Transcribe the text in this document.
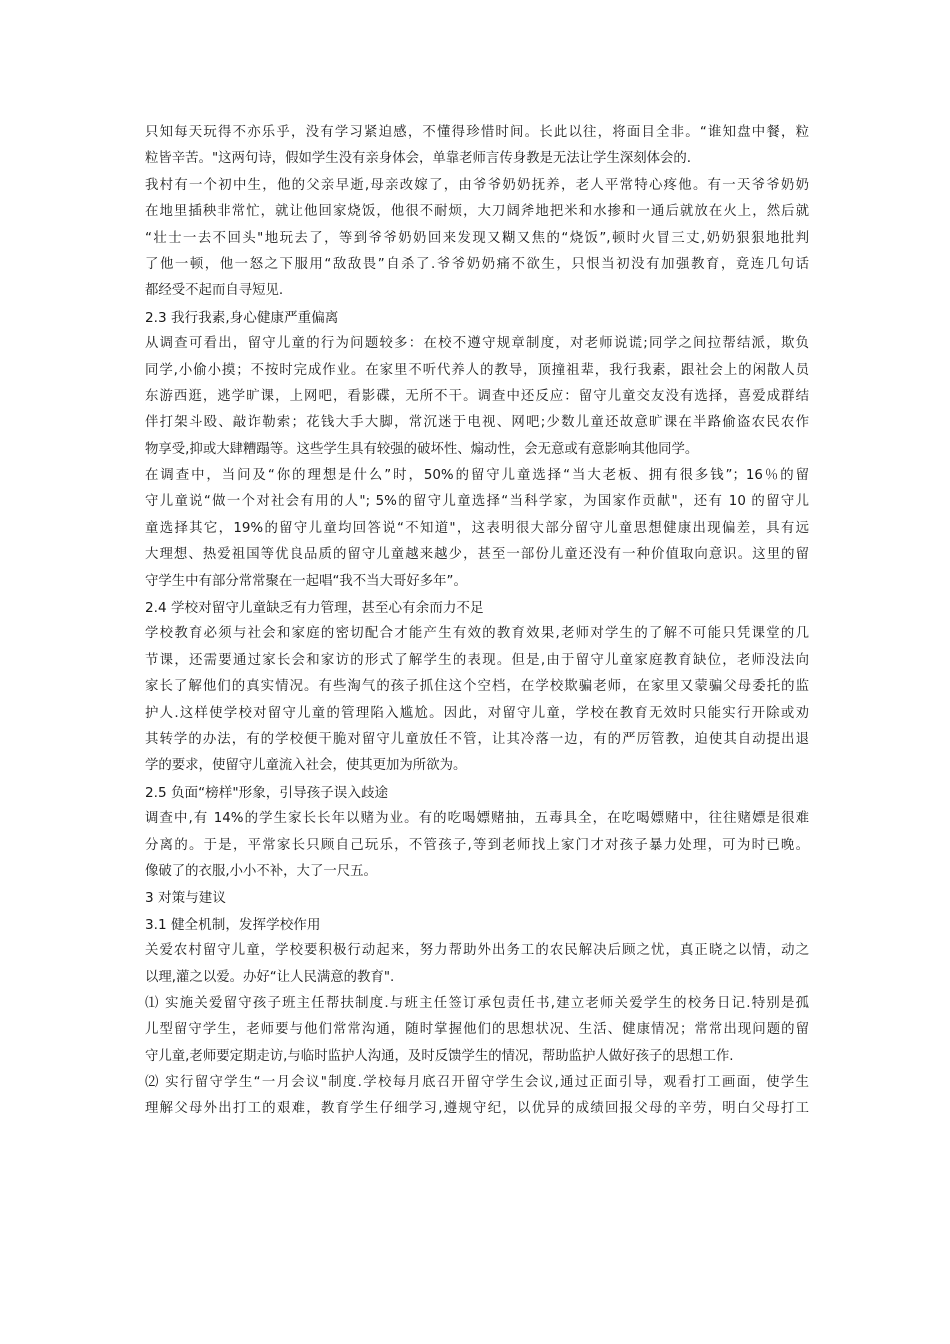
只知每天玩得不亦乐乎，没有学习紧迫感，不懂得珍惜时间。长此以往，将面目全非。“谁知盘中餐，粒
粒皆辛苦。"这两句诗，假如学生没有亲身体会，单靠老师言传身教是无法让学生深刻体会的.
我村有一个初中生，他的父亲早逝,母亲改嫁了，由爷爷奶奶抚养，老人平常特心疼他。有一天爷爷奶奶
在地里插秧非常忙，就让他回家烧饭，他很不耐烦，大刀阔斧地把米和水掺和一通后就放在火上，然后就
“壮士一去不回头"地玩去了，等到爷爷奶奶回来发现又糊又焦的“烧饭”,顿时火冒三丈,奶奶狠狠地批判
了他一顿，他一怒之下服用“敌敌畏”自杀了.爷爷奶奶痛不欲生，只恨当初没有加强教育，竟连几句话
都经受不起而自寻短见.
2.3 我行我素,身心健康严重偏离
从调查可看出，留守儿童的行为问题较多：在校不遵守规章制度，对老师说谎;同学之间拉帮结派，欺负
同学,小偷小摸；不按时完成作业。在家里不听代养人的教导，顶撞祖辈，我行我素，跟社会上的闲散人员
东游西逛，逃学旷课，上网吧，看影碟，无所不干。调查中还反应：留守儿童交友没有选择，喜爱成群结
伴打架斗殴、敲诈勒索；花钱大手大脚，常沉迷于电视、网吧;少数儿童还故意旷课在半路偷盗农民农作
物享受,抑或大肆糟蹋等。这些学生具有较强的破坏性、煽动性，会无意或有意影响其他同学。
在调查中，当问及“你的理想是什么”时，50%的留守儿童选择“当大老板、拥有很多钱”；16％的留
守儿童说“做一个对社会有用的人"; 5%的留守儿童选择“当科学家，为国家作贡献"，还有 10 的留守儿
童选择其它，19%的留守儿童均回答说“不知道"，这表明很大部分留守儿童思想健康出现偏差，具有远
大理想、热爱祖国等优良品质的留守儿童越来越少，甚至一部份儿童还没有一种价值取向意识。这里的留
守学生中有部分常常聚在一起唱“我不当大哥好多年”。
2.4 学校对留守儿童缺乏有力管理，甚至心有余而力不足
学校教育必须与社会和家庭的密切配合才能产生有效的教育效果,老师对学生的了解不可能只凭课堂的几
节课，还需要通过家长会和家访的形式了解学生的表现。但是,由于留守儿童家庭教育缺位，老师没法向
家长了解他们的真实情况。有些淘气的孩子抓住这个空档，在学校欺骗老师，在家里又蒙骗父母委托的监
护人.这样使学校对留守儿童的管理陷入尴尬。因此，对留守儿童，学校在教育无效时只能实行开除或劝
其转学的办法，有的学校便干脆对留守儿童放任不管，让其冷落一边，有的严厉管教，迫使其自动提出退
学的要求，使留守儿童流入社会，使其更加为所欲为。
2.5 负面“榜样"形象，引导孩子误入歧途
调查中,有 14%的学生家长长年以赌为业。有的吃喝嫖赌抽，五毒具全，在吃喝嫖赌中，往往赌嫖是很难
分离的。于是，平常家长只顾自己玩乐，不管孩子,等到老师找上家门才对孩子暴力处理，可为时已晚。
像破了的衣服,小小不补，大了一尺五。
3 对策与建议
3.1 健全机制，发挥学校作用
关爱农村留守儿童，学校要积极行动起来，努力帮助外出务工的农民解决后顾之忧，真正晓之以情，动之
以理,灌之以爱。办好“让人民满意的教育".
⑴ 实施关爱留守孩子班主任帮扶制度.与班主任签订承包责任书,建立老师关爱学生的校务日记.特别是孤
儿型留守学生，老师要与他们常常沟通，随时掌握他们的思想状况、生活、健康情况；常常出现问题的留
守儿童,老师要定期走访,与临时监护人沟通，及时反馈学生的情况，帮助监护人做好孩子的思想工作.
⑵ 实行留守学生“一月会议"制度.学校每月底召开留守学生会议,通过正面引导，观看打工画面，使学生
理解父母外出打工的艰难，教育学生仔细学习,遵规守纪，以优异的成绩回报父母的辛劳，明白父母打工
